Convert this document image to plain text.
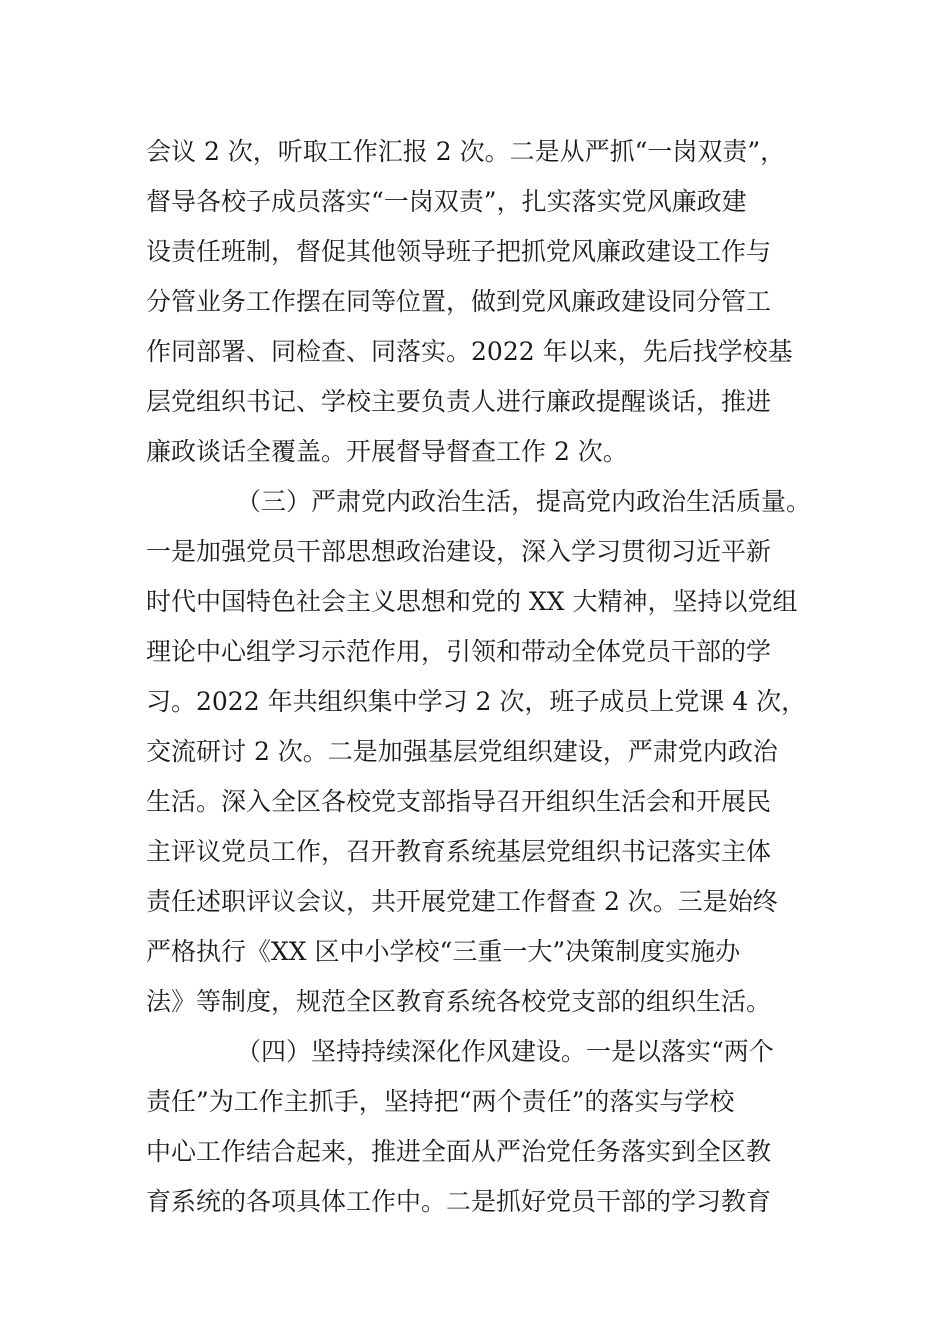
会议 2 次，听取工作汇报 2 次。二是从严抓“一岗双责”，
督导各校子成员落实“一岗双责”，扎实落实党风廉政建
设责任班制，督促其他领导班子把抓党风廉政建设工作与
分管业务工作摆在同等位置，做到党风廉政建设同分管工
作同部署、同检查、同落实。2022 年以来，先后找学校基
层党组织书记、学校主要负责人进行廉政提醒谈话，推进
廉政谈话全覆盖。开展督导督查工作 2 次。
（三）严肃党内政治生活，提高党内政治生活质量。
一是加强党员干部思想政治建设，深入学习贯彻习近平新
时代中国特色社会主义思想和党的 XX 大精神，坚持以党组
理论中心组学习示范作用，引领和带动全体党员干部的学
习。2022 年共组织集中学习 2 次，班子成员上党课 4 次，
交流研讨 2 次。二是加强基层党组织建设，严肃党内政治
生活。深入全区各校党支部指导召开组织生活会和开展民
主评议党员工作，召开教育系统基层党组织书记落实主体
责任述职评议会议，共开展党建工作督查 2 次。三是始终
严格执行《XX 区中小学校“三重一大”决策制度实施办
法》等制度，规范全区教育系统各校党支部的组织生活。
（四）坚持持续深化作风建设。一是以落实“两个
责任”为工作主抓手，坚持把“两个责任”的落实与学校
中心工作结合起来，推进全面从严治党任务落实到全区教
育系统的各项具体工作中。二是抓好党员干部的学习教育
